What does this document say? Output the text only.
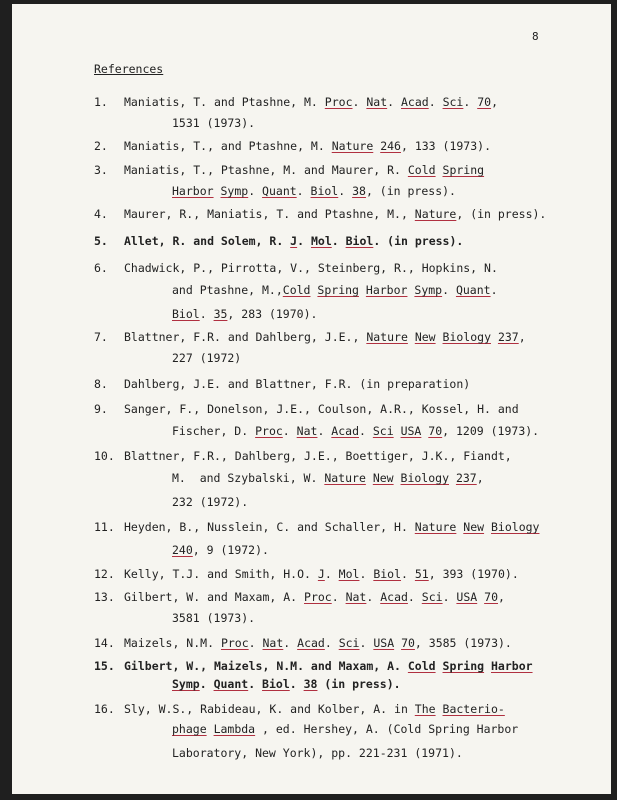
8
References
1. Maniatis, T. and Ptashne, M. Proc. Nat. Acad. Sci. 70,
1531 (1973).
2. Maniatis, T., and Ptashne, M. Nature 246, 133 (1973).
3. Maniatis, T., Ptashne, M. and Maurer, R. Cold Spring
Harbor Symp. Quant. Biol. 38, (in press).
4. Maurer, R., Maniatis, T. and Ptashne, M., Nature, (in press).
5. Allet, R. and Solem, R. J. Mol. Biol. (in press).
6. Chadwick, P., Pirrotta, V., Steinberg, R., Hopkins, N.
and Ptashne, M.,Cold Spring Harbor Symp. Quant.
Biol. 35, 283 (1970).
7. Blattner, F.R. and Dahlberg, J.E., Nature New Biology 237,
227 (1972)
8. Dahlberg, J.E. and Blattner, F.R. (in preparation)
9. Sanger, F., Donelson, J.E., Coulson, A.R., Kossel, H. and
Fischer, D. Proc. Nat. Acad. Sci USA 70, 1209 (1973).
10. Blattner, F.R., Dahlberg, J.E., Boettiger, J.K., Fiandt,
M.  and Szybalski, W. Nature New Biology 237,
232 (1972).
11. Heyden, B., Nusslein, C. and Schaller, H. Nature New Biology
240, 9 (1972).
12. Kelly, T.J. and Smith, H.O. J. Mol. Biol. 51, 393 (1970).
13. Gilbert, W. and Maxam, A. Proc. Nat. Acad. Sci. USA 70,
3581 (1973).
14. Maizels, N.M. Proc. Nat. Acad. Sci. USA 70, 3585 (1973).
15. Gilbert, W., Maizels, N.M. and Maxam, A. Cold Spring Harbor
Symp. Quant. Biol. 38 (in press).
16. Sly, W.S., Rabideau, K. and Kolber, A. in The Bacterio-
phage Lambda , ed. Hershey, A. (Cold Spring Harbor
Laboratory, New York), pp. 221-231 (1971).
